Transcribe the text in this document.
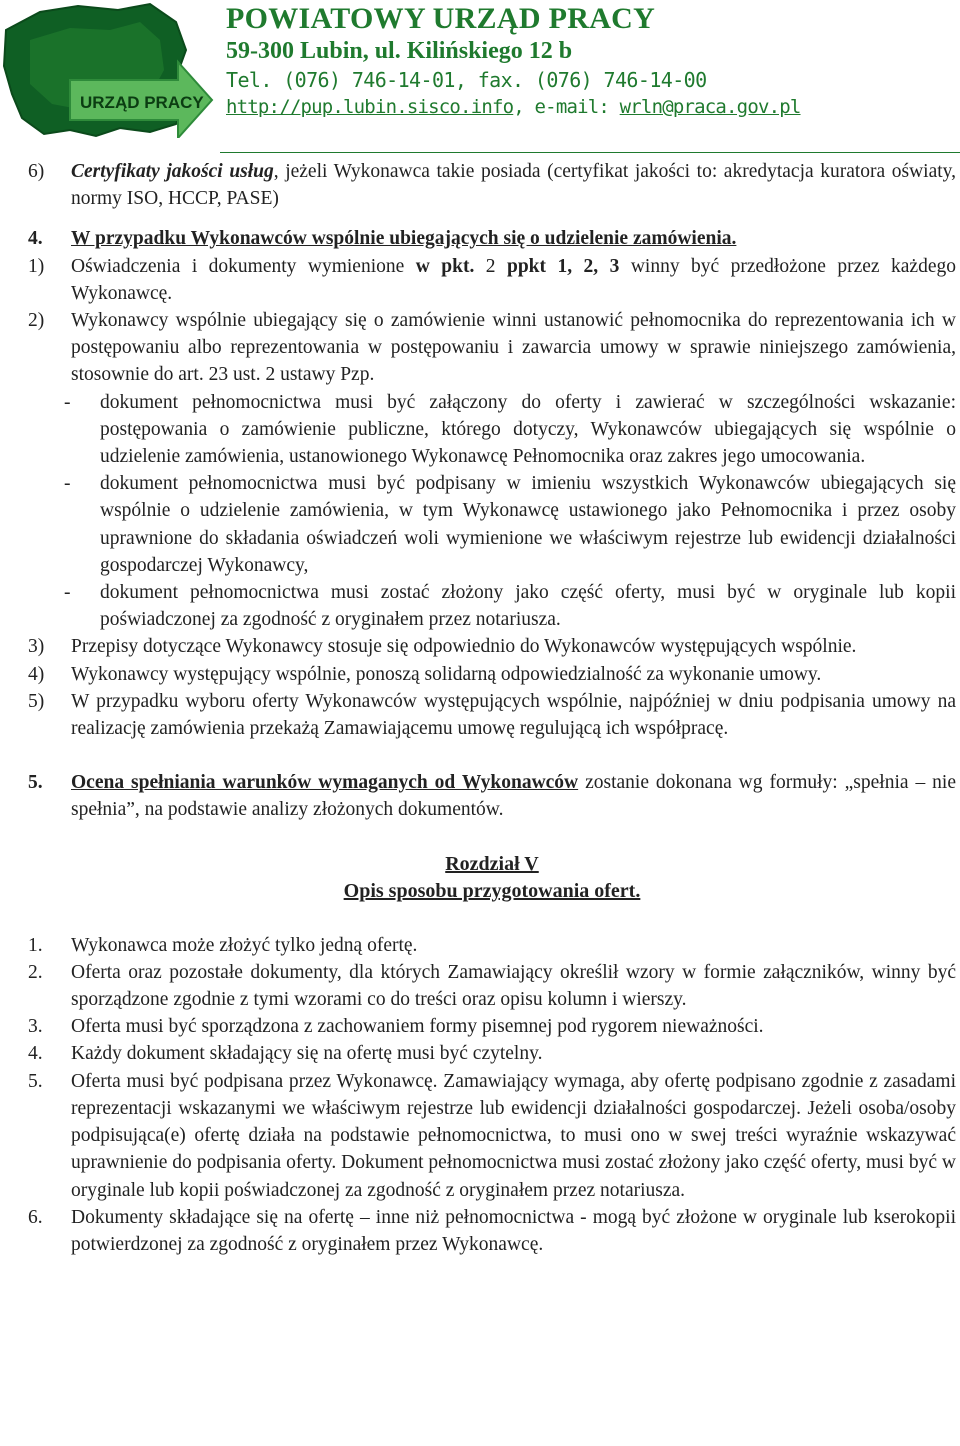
URZĄD PRACY
POWIATOWY URZĄD PRACY
59-300 Lubin, ul. Kilińskiego 12 b
Tel. (076) 746-14-01, fax. (076) 746-14-00
http://pup.lubin.sisco.info, e-mail: wrln@praca.gov.pl
6) Certyfikaty jakości usług, jeżeli Wykonawca takie posiada (certyfikat jakości to: akredytacja kuratora oświaty, normy ISO, HCCP, PASE)
4. W przypadku Wykonawców wspólnie ubiegających się o udzielenie zamówienia.
1) Oświadczenia i dokumenty wymienione w pkt. 2 ppkt 1, 2, 3 winny być przedłożone przez każdego Wykonawcę.
2) Wykonawcy wspólnie ubiegający się o zamówienie winni ustanowić pełnomocnika do reprezentowania ich w postępowaniu albo reprezentowania w postępowaniu i zawarcia umowy w sprawie niniejszego zamówienia, stosownie do art. 23 ust. 2 ustawy Pzp.
- dokument pełnomocnictwa musi być załączony do oferty i zawierać w szczególności wskazanie: postępowania o zamówienie publiczne, którego dotyczy, Wykonawców ubiegających się wspólnie o udzielenie zamówienia, ustanowionego Wykonawcę Pełnomocnika oraz zakres jego umocowania.
- dokument pełnomocnictwa musi być podpisany w imieniu wszystkich Wykonawców ubiegających się wspólnie o udzielenie zamówienia, w tym Wykonawcę ustawionego jako Pełnomocnika i przez osoby uprawnione do składania oświadczeń woli wymienione we właściwym rejestrze lub ewidencji działalności gospodarczej Wykonawcy,
- dokument pełnomocnictwa musi zostać złożony jako część oferty, musi być w oryginale lub kopii poświadczonej za zgodność z oryginałem przez notariusza.
3) Przepisy dotyczące Wykonawcy stosuje się odpowiednio do Wykonawców występujących wspólnie.
4) Wykonawcy występujący wspólnie, ponoszą solidarną odpowiedzialność za wykonanie umowy.
5) W przypadku wyboru oferty Wykonawców występujących wspólnie, najpóźniej w dniu podpisania umowy na realizację zamówienia przekażą Zamawiającemu umowę regulującą ich współpracę.
5. Ocena spełniania warunków wymaganych od Wykonawców zostanie dokonana wg formuły: „spełnia – nie spełnia”, na podstawie analizy złożonych dokumentów.
Rozdział V
Opis sposobu przygotowania ofert.
1. Wykonawca może złożyć tylko jedną ofertę.
2. Oferta oraz pozostałe dokumenty, dla których Zamawiający określił wzory w formie załączników, winny być sporządzone zgodnie z tymi wzorami co do treści oraz opisu kolumn i wierszy.
3. Oferta musi być sporządzona z zachowaniem formy pisemnej pod rygorem nieważności.
4. Każdy dokument składający się na ofertę musi być czytelny.
5. Oferta musi być podpisana przez Wykonawcę. Zamawiający wymaga, aby ofertę podpisano zgodnie z zasadami reprezentacji wskazanymi we właściwym rejestrze lub ewidencji działalności gospodarczej. Jeżeli osoba/osoby podpisująca(e) ofertę działa na podstawie pełnomocnictwa, to musi ono w swej treści wyraźnie wskazywać uprawnienie do podpisania oferty. Dokument pełnomocnictwa musi zostać złożony jako część oferty, musi być w oryginale lub kopii poświadczonej za zgodność z oryginałem przez notariusza.
6. Dokumenty składające się na ofertę – inne niż pełnomocnictwa - mogą być złożone w oryginale lub kserokopii potwierdzonej za zgodność z oryginałem przez Wykonawcę.
